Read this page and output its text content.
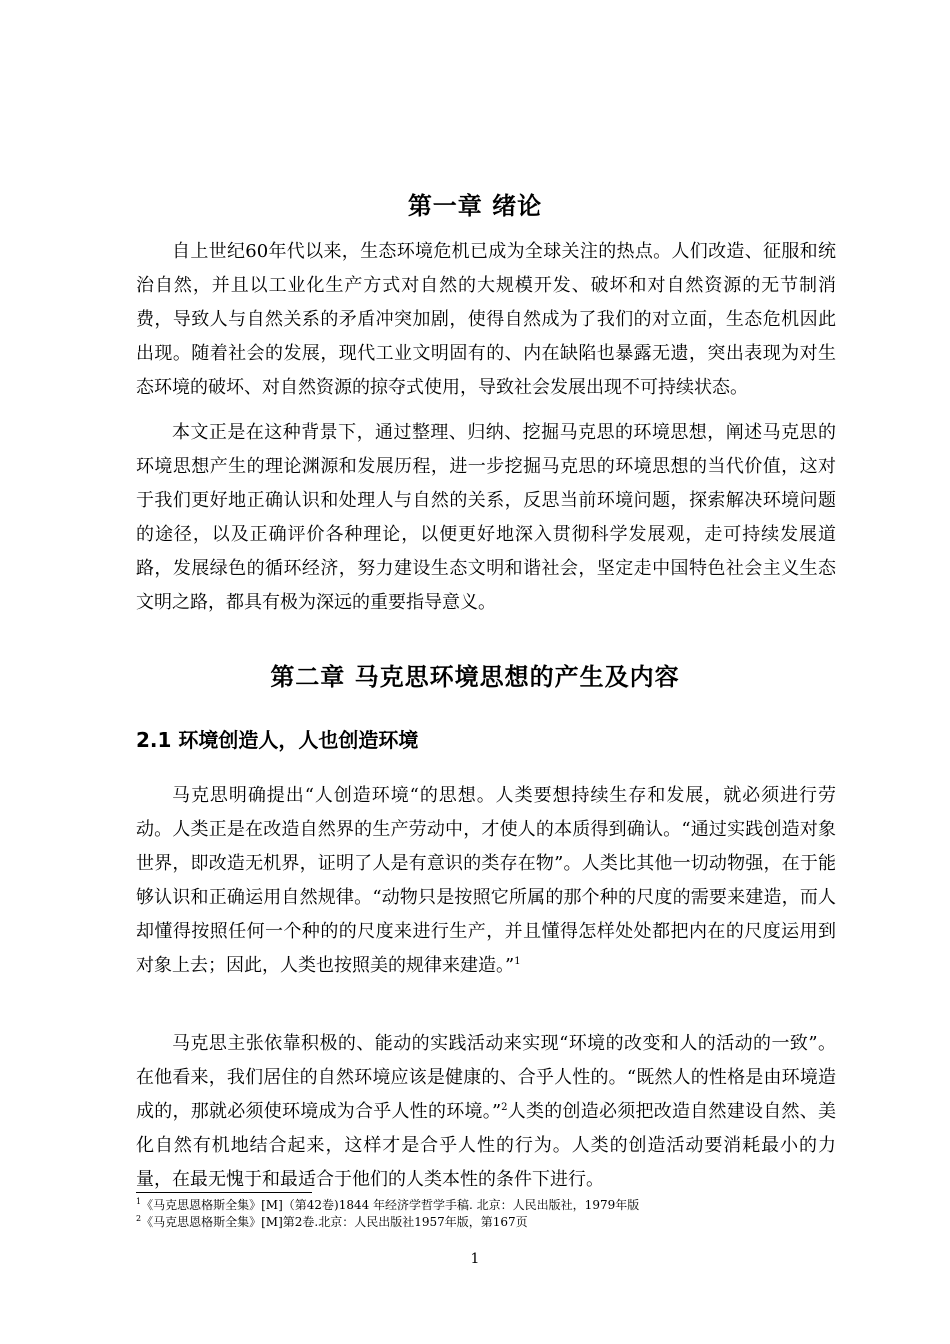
第一章 绪论

自上世纪60年代以来，生态环境危机已成为全球关注的热点。人们改造、征服和统治自然，并且以工业化生产方式对自然的大规模开发、破坏和对自然资源的无节制消费，导致人与自然关系的矛盾冲突加剧，使得自然成为了我们的对立面，生态危机因此出现。随着社会的发展，现代工业文明固有的、内在缺陷也暴露无遗，突出表现为对生态环境的破坏、对自然资源的掠夺式使用，导致社会发展出现不可持续状态。

本文正是在这种背景下，通过整理、归纳、挖掘马克思的环境思想，阐述马克思的环境思想产生的理论渊源和发展历程，进一步挖掘马克思的环境思想的当代价值，这对于我们更好地正确认识和处理人与自然的关系，反思当前环境问题，探索解决环境问题的途径，以及正确评价各种理论，以便更好地深入贯彻科学发展观，走可持续发展道路，发展绿色的循环经济，努力建设生态文明和谐社会，坚定走中国特色社会主义生态文明之路，都具有极为深远的重要指导意义。

第二章 马克思环境思想的产生及内容
2.1 环境创造人，人也创造环境

马克思明确提出“人创造环境“的思想。人类要想持续生存和发展，就必须进行劳动。人类正是在改造自然界的生产劳动中，才使人的本质得到确认。“通过实践创造对象世界，即改造无机界，证明了人是有意识的类存在物”。人类比其他一切动物强，在于能够认识和正确运用自然规律。“动物只是按照它所属的那个种的尺度的需要来建造，而人却懂得按照任何一个种的的尺度来进行生产，并且懂得怎样处处都把内在的尺度运用到对象上去；因此，人类也按照美的规律来建造。”$^1$

马克思主张依靠积极的、能动的实践活动来实现“环境的改变和人的活动的一致”。在他看来，我们居住的自然环境应该是健康的、合乎人性的。“既然人的性格是由环境造成的，那就必须使环境成为合乎人性的环境。”$^2$人类的创造必须把改造自然建设自然、美化自然有机地结合起来，这样才是合乎人性的行为。人类的创造活动要消耗最小的力量，在最无愧于和最适合于他们的人类本性的条件下进行。

$^1$《马克思恩格斯全集》[M]（第42卷)1844 年经济学哲学手稿. 北京：人民出版社，1979年版
$^2$《马克思恩格斯全集》[M]第2卷.北京：人民出版社1957年版，第167页
1
